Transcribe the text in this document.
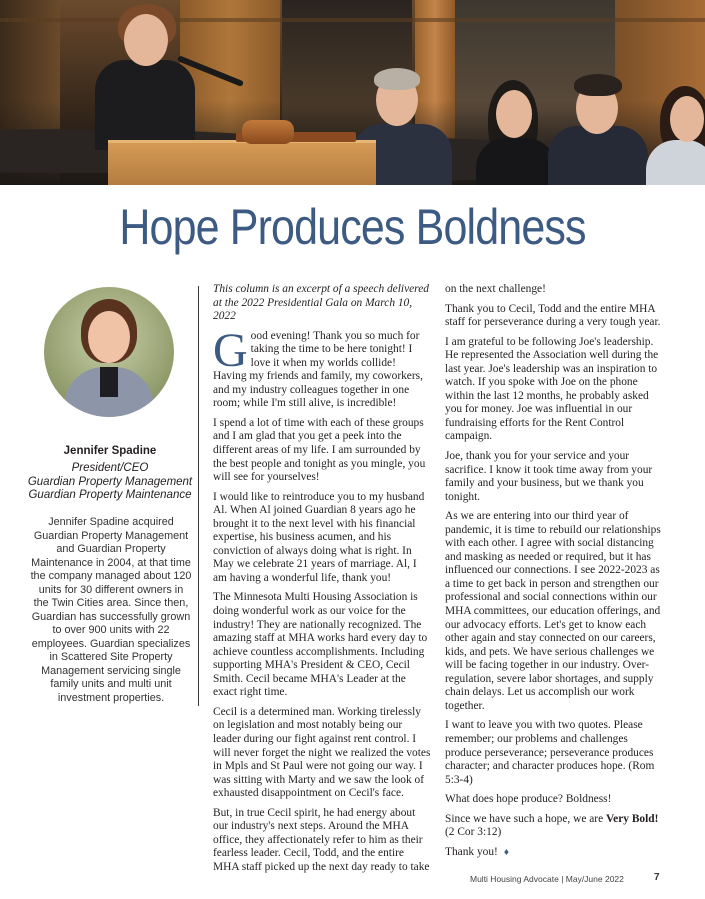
Hope Produces Boldness
Jennifer Spadine
President/CEO
Guardian Property Management
Guardian Property Maintenance
Jennifer Spadine acquired Guardian Property Management and Guardian Property Maintenance in 2004, at that time the company managed about 120 units for 30 different owners in the Twin Cities area. Since then, Guardian has successfully grown to over 900 units with 22 employees. Guardian specializes in Scattered Site Property Management servicing single family units and multi unit investment properties.

This column is an excerpt of a speech delivered at the 2022 Presidential Gala on March 10, 2022

Good evening! Thank you so much for taking the time to be here tonight! I love it when my worlds collide! Having my friends and family, my coworkers, and my industry colleagues together in one room; while I'm still alive, is incredible!

I spend a lot of time with each of these groups and I am glad that you get a peek into the different areas of my life. I am surrounded by the best people and tonight as you mingle, you will see for yourselves!

I would like to reintroduce you to my husband Al. When Al joined Guardian 8 years ago he brought it to the next level with his financial expertise, his business acumen, and his conviction of always doing what is right. In May we celebrate 21 years of marriage. Al, I am having a wonderful life, thank you!

The Minnesota Multi Housing Association is doing wonderful work as our voice for the industry! They are nationally recognized. The amazing staff at MHA works hard every day to achieve countless accomplishments. Including supporting MHA's President & CEO, Cecil Smith. Cecil became MHA's Leader at the exact right time.

Cecil is a determined man. Working tirelessly on legislation and most notably being our leader during our fight against rent control. I will never forget the night we realized the votes in Mpls and St Paul were not going our way. I was sitting with Marty and we saw the look of exhausted disappointment on Cecil's face.

But, in true Cecil spirit, he had energy about our industry's next steps. Around the MHA office, they affectionately refer to him as their fearless leader. Cecil, Todd, and the entire MHA staff picked up the next day ready to take

on the next challenge!

Thank you to Cecil, Todd and the entire MHA staff for perseverance during a very tough year.

I am grateful to be following Joe's leadership. He represented the Association well during the last year. Joe's leadership was an inspiration to watch. If you spoke with Joe on the phone within the last 12 months, he probably asked you for money. Joe was influential in our fundraising efforts for the Rent Control campaign.

Joe, thank you for your service and your sacrifice. I know it took time away from your family and your business, but we thank you tonight.

As we are entering into our third year of pandemic, it is time to rebuild our relationships with each other. I agree with social distancing and masking as needed or required, but it has influenced our connections. I see 2022-2023 as a time to get back in person and strengthen our professional and social connections within our MHA committees, our education offerings, and our advocacy efforts. Let's get to know each other again and stay connected on our careers, kids, and pets. We have serious challenges we will be facing together in our industry. Over-regulation, severe labor shortages, and supply chain delays. Let us accomplish our work together.

I want to leave you with two quotes. Please remember; our problems and challenges produce perseverance; perseverance produces character; and character produces hope. (Rom 5:3-4)

What does hope produce? Boldness!

Since we have such a hope, we are Very Bold! (2 Cor 3:12)

Thank you! ♦

Multi Housing Advocate | May/June 2022	7
